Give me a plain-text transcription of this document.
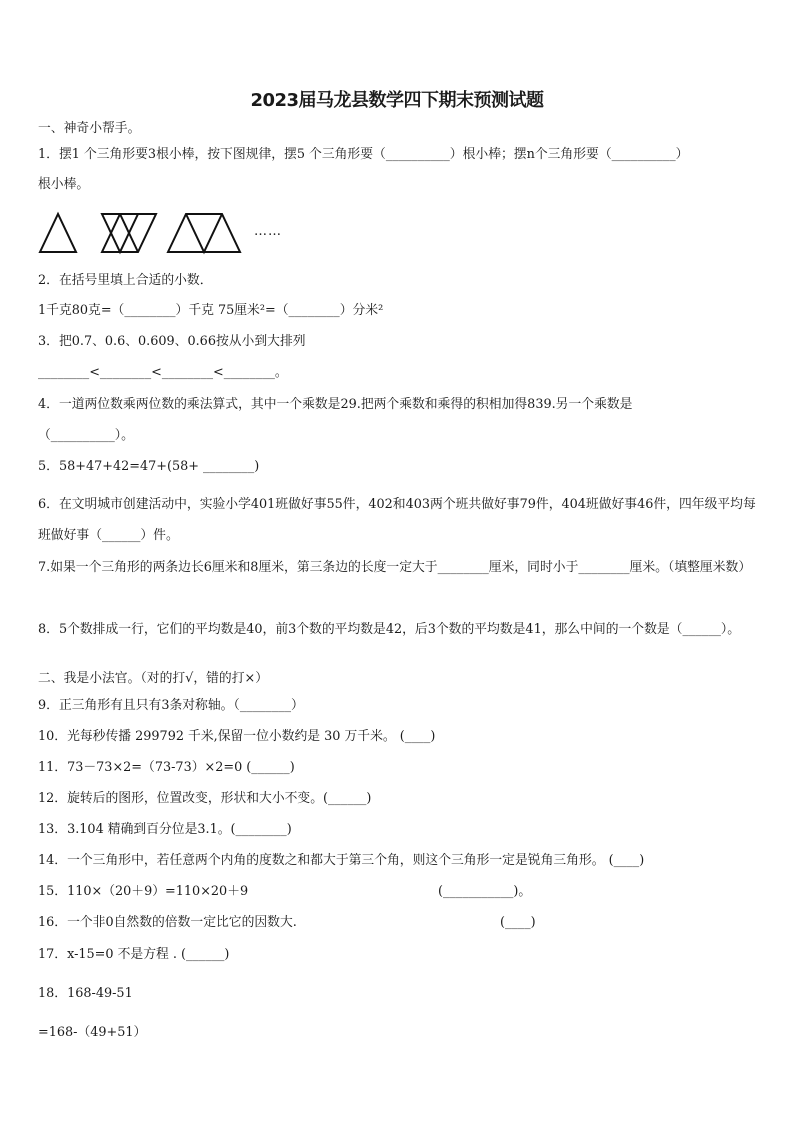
2023届马龙县数学四下期末预测试题
一、神奇小帮手。
1．摆1 个三角形要3根小棒，按下图规律，摆5 个三角形要（__________）根小棒；摆n个三角形要（__________）
根小棒。
……
2．在括号里填上合适的小数．
1千克80克=（________）千克 75厘米²=（________）分米²
3．把0.7、0.6、0.609、0.66按从小到大排列
________<________<________<________。
4．一道两位数乘两位数的乘法算式，其中一个乘数是29.把两个乘数和乘得的积相加得839.另一个乘数是
（__________）。
5．58+47+42=47+(58+ ________)
6．在文明城市创建活动中，实验小学401班做好事55件，402和403两个班共做好事79件，404班做好事46件，四年级平均每班做好事（______）件。
7.如果一个三角形的两条边长6厘米和8厘米，第三条边的长度一定大于________厘米，同时小于________厘米。（填整厘米数）
8．5个数排成一行，它们的平均数是40，前3个数的平均数是42，后3个数的平均数是41，那么中间的一个数是（______）。
二、我是小法官。（对的打√，错的打×）
9．正三角形有且只有3条对称轴。（________）
10．光每秒传播 299792 千米,保留一位小数约是 30 万千米。 (____)
11．73－73×2=（73-73）×2=0 (______)
12．旋转后的图形，位置改变，形状和大小不变。(______)
13．3.104 精确到百分位是3.1。(________)
14．一个三角形中，若任意两个内角的度数之和都大于第三个角，则这个三角形一定是锐角三角形。 (____)
15．110×（20＋9）=110×20＋9	(___________)。
16．一个非0自然数的倍数一定比它的因数大.	(____)
17．x-15=0 不是方程 . (______)
18．168-49-51
=168-（49+51）
